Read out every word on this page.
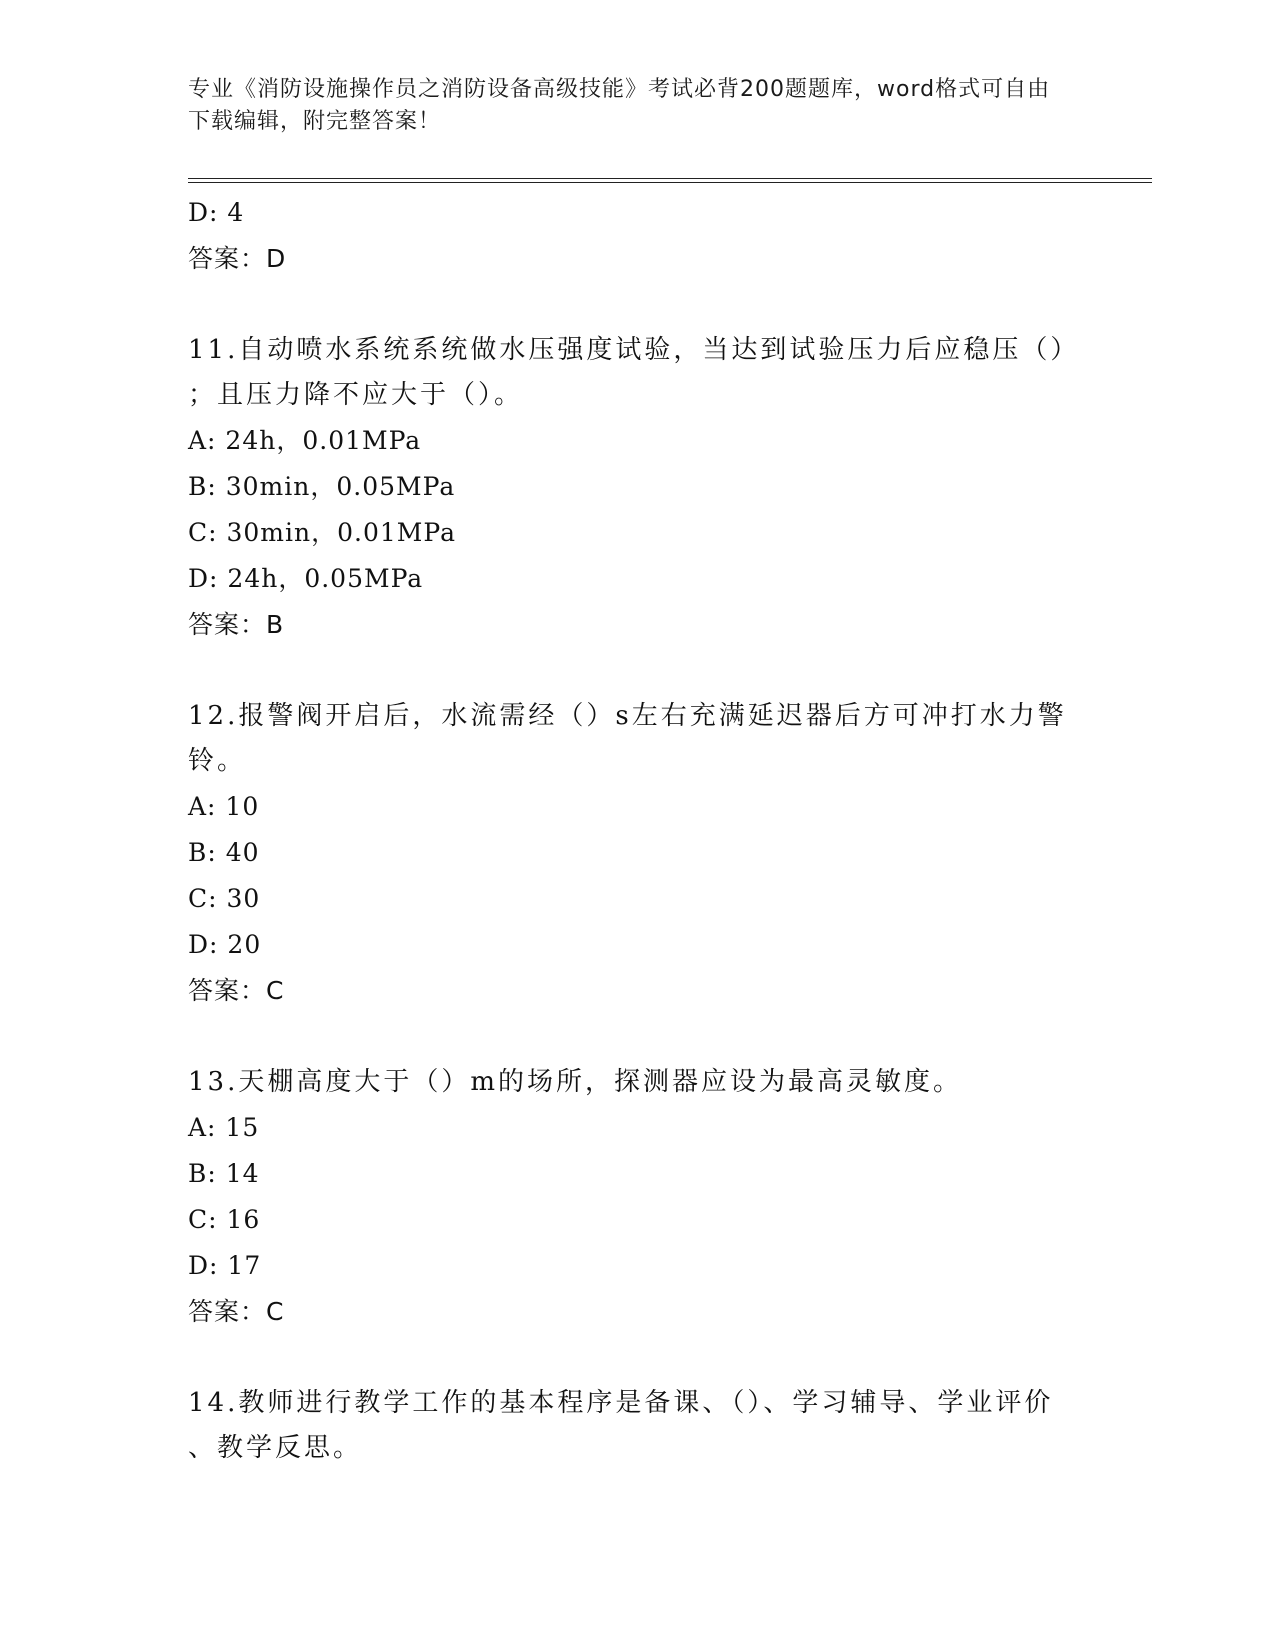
专业《消防设施操作员之消防设备高级技能》考试必背200题题库，word格式可自由下载编辑，附完整答案！
D: 4
答案：D
11.自动喷水系统系统做水压强度试验，当达到试验压力后应稳压（）
；且压力降不应大于（）。
A: 24h，0.01MPa
B: 30min，0.05MPa
C: 30min，0.01MPa
D: 24h，0.05MPa
答案：B
12.报警阀开启后，水流需经（）s左右充满延迟器后方可冲打水力警
铃。
A: 10
B: 40
C: 30
D: 20
答案：C
13.天棚高度大于（）m的场所，探测器应设为最高灵敏度。
A: 15
B: 14
C: 16
D: 17
答案：C
14.教师进行教学工作的基本程序是备课、（）、学习辅导、学业评价
、教学反思。
